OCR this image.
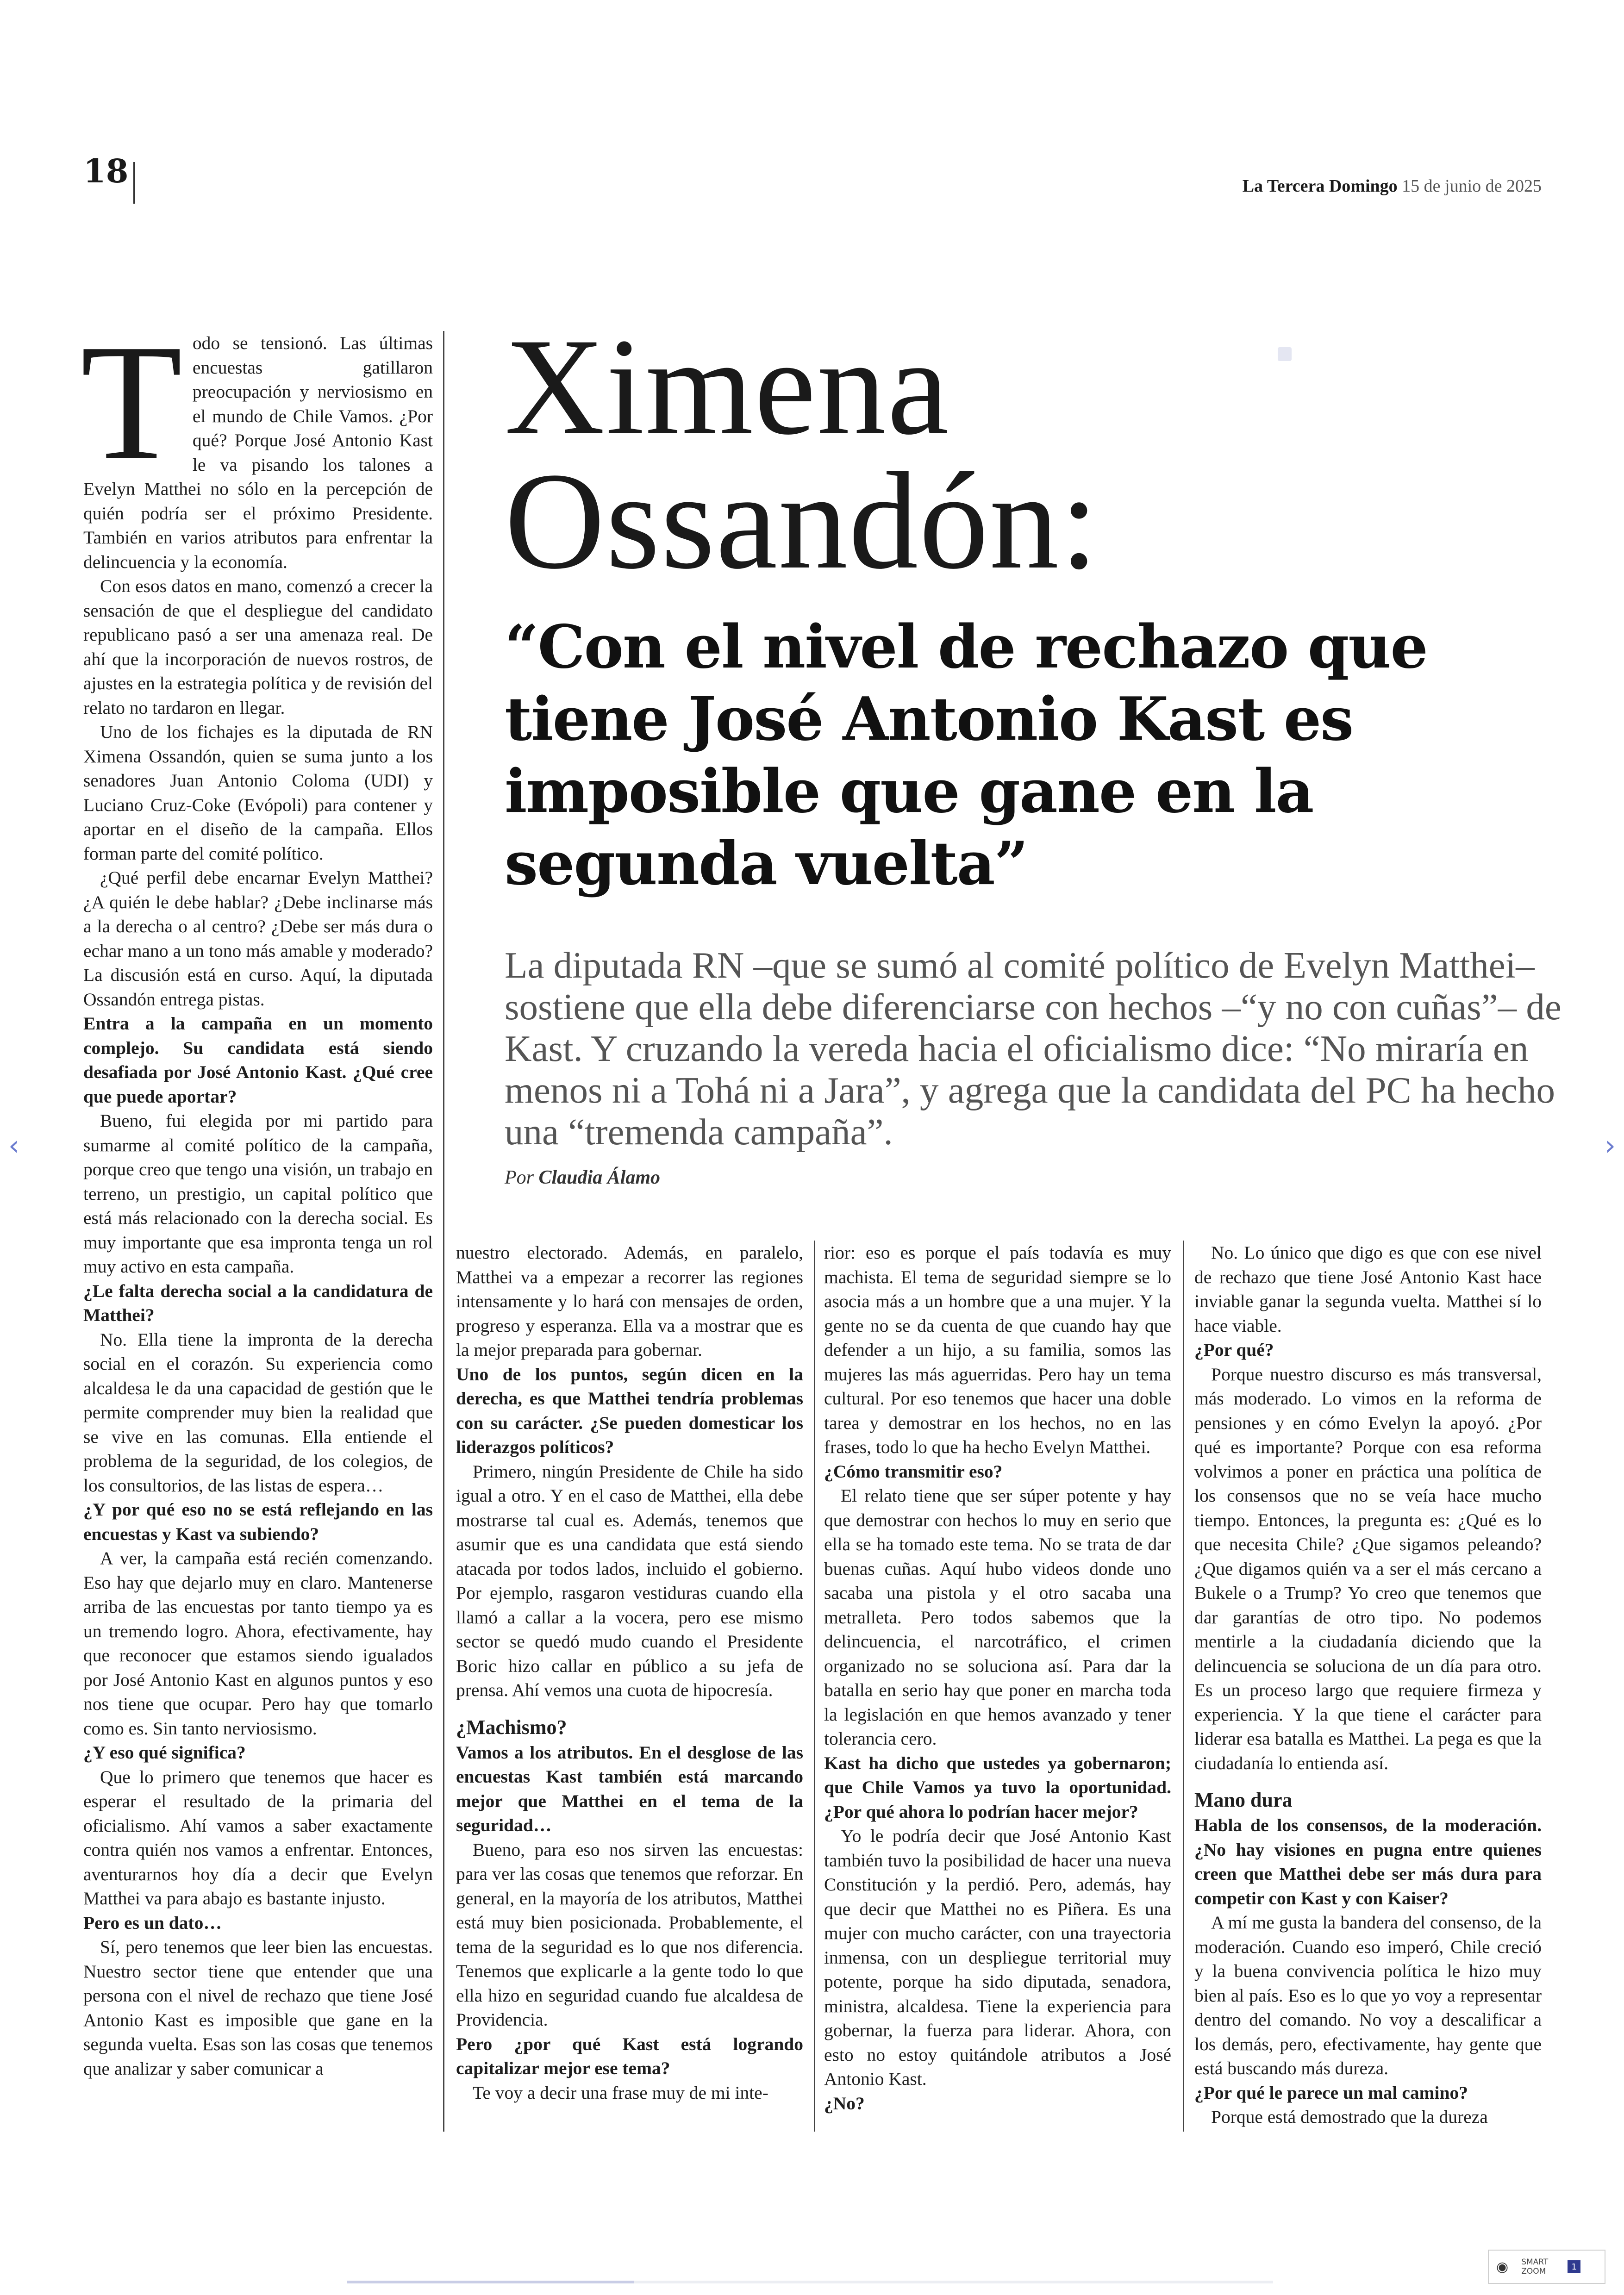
18	La Tercera Domingo 15 de junio de 2025
Ximena
Ossandón:
“Con el nivel de rechazo que tiene José Antonio Kast es imposible que gane en la segunda vuelta”

La diputada RN –que se sumó al comité político de Evelyn Matthei– sostiene que ella debe diferenciarse con hechos –“y no con cuñas”– de Kast. Y cruzando la vereda hacia el oficialismo dice: “No miraría en menos ni a Tohá ni a Jara”, y agrega que la candidata del PC ha hecho una “tremenda campaña”.

Por Claudia Álamo

Todo se tensionó. Las últimas encuestas gatillaron preocupación y nerviosismo en el mundo de Chile Vamos. ¿Por qué? Porque José Antonio Kast le va pisando los talones a Evelyn Matthei no sólo en la percepción de quién podría ser el próximo Presidente. También en varios atributos para enfrentar la delincuencia y la economía.

Con esos datos en mano, comenzó a crecer la sensación de que el despliegue del candidato republicano pasó a ser una amenaza real. De ahí que la incorporación de nuevos rostros, de ajustes en la estrategia política y de revisión del relato no tardaron en llegar.

Uno de los fichajes es la diputada de RN Ximena Ossandón, quien se suma junto a los senadores Juan Antonio Coloma (UDI) y Luciano Cruz-Coke (Evópoli) para contener y aportar en el diseño de la campaña. Ellos forman parte del comité político.

¿Qué perfil debe encarnar Evelyn Matthei? ¿A quién le debe hablar? ¿Debe inclinarse más a la derecha o al centro? ¿Debe ser más dura o echar mano a un tono más amable y moderado? La discusión está en curso. Aquí, la diputada Ossandón entrega pistas.

Entra a la campaña en un momento complejo. Su candidata está siendo desafiada por José Antonio Kast. ¿Qué cree que puede aportar?

Bueno, fui elegida por mi partido para sumarme al comité político de la campaña, porque creo que tengo una visión, un trabajo en terreno, un prestigio, un capital político que está más relacionado con la derecha social. Es muy importante que esa impronta tenga un rol muy activo en esta campaña.

¿Le falta derecha social a la candidatura de Matthei?

No. Ella tiene la impronta de la derecha social en el corazón. Su experiencia como alcaldesa le da una capacidad de gestión que le permite comprender muy bien la realidad que se vive en las comunas. Ella entiende el problema de la seguridad, de los colegios, de los consultorios, de las listas de espera…

¿Y por qué eso no se está reflejando en las encuestas y Kast va subiendo?

A ver, la campaña está recién comenzando. Eso hay que dejarlo muy en claro. Mantenerse arriba de las encuestas por tanto tiempo ya es un tremendo logro. Ahora, efectivamente, hay que reconocer que estamos siendo igualados por José Antonio Kast en algunos puntos y eso nos tiene que ocupar. Pero hay que tomarlo como es. Sin tanto nerviosismo.

¿Y eso qué significa?

Que lo primero que tenemos que hacer es esperar el resultado de la primaria del oficialismo. Ahí vamos a saber exactamente contra quién nos vamos a enfrentar. Entonces, aventurarnos hoy día a decir que Evelyn Matthei va para abajo es bastante injusto.

Pero es un dato…

Sí, pero tenemos que leer bien las encuestas. Nuestro sector tiene que entender que una persona con el nivel de rechazo que tiene José Antonio Kast es imposible que gane en la segunda vuelta. Esas son las cosas que tenemos que analizar y saber comunicar a

nuestro electorado. Además, en paralelo, Matthei va a empezar a recorrer las regiones intensamente y lo hará con mensajes de orden, progreso y esperanza. Ella va a mostrar que es la mejor preparada para gobernar.

Uno de los puntos, según dicen en la derecha, es que Matthei tendría problemas con su carácter. ¿Se pueden domesticar los liderazgos políticos?

Primero, ningún Presidente de Chile ha sido igual a otro. Y en el caso de Matthei, ella debe mostrarse tal cual es. Además, tenemos que asumir que es una candidata que está siendo atacada por todos lados, incluido el gobierno. Por ejemplo, rasgaron vestiduras cuando ella llamó a callar a la vocera, pero ese mismo sector se quedó mudo cuando el Presidente Boric hizo callar en público a su jefa de prensa. Ahí vemos una cuota de hipocresía.

¿Machismo?

Vamos a los atributos. En el desglose de las encuestas Kast también está marcando mejor que Matthei en el tema de la seguridad…

Bueno, para eso nos sirven las encuestas: para ver las cosas que tenemos que reforzar. En general, en la mayoría de los atributos, Matthei está muy bien posicionada. Probablemente, el tema de la seguridad es lo que nos diferencia. Tenemos que explicarle a la gente todo lo que ella hizo en seguridad cuando fue alcaldesa de Providencia.

Pero ¿por qué Kast está logrando capitalizar mejor ese tema?

Te voy a decir una frase muy de mi inte-

rior: eso es porque el país todavía es muy machista. El tema de seguridad siempre se lo asocia más a un hombre que a una mujer. Y la gente no se da cuenta de que cuando hay que defender a un hijo, a su familia, somos las mujeres las más aguerridas. Pero hay un tema cultural. Por eso tenemos que hacer una doble tarea y demostrar en los hechos, no en las frases, todo lo que ha hecho Evelyn Matthei.

¿Cómo transmitir eso?

El relato tiene que ser súper potente y hay que demostrar con hechos lo muy en serio que ella se ha tomado este tema. No se trata de dar buenas cuñas. Aquí hubo videos donde uno sacaba una pistola y el otro sacaba una metralleta. Pero todos sabemos que la delincuencia, el narcotráfico, el crimen organizado no se soluciona así. Para dar la batalla en serio hay que poner en marcha toda la legislación en que hemos avanzado y tener tolerancia cero.

Kast ha dicho que ustedes ya gobernaron; que Chile Vamos ya tuvo la oportunidad. ¿Por qué ahora lo podrían hacer mejor?

Yo le podría decir que José Antonio Kast también tuvo la posibilidad de hacer una nueva Constitución y la perdió. Pero, además, hay que decir que Matthei no es Piñera. Es una mujer con mucho carácter, con una trayectoria inmensa, con un despliegue territorial muy potente, porque ha sido diputada, senadora, ministra, alcaldesa. Tiene la experiencia para gobernar, la fuerza para liderar. Ahora, con esto no estoy quitándole atributos a José Antonio Kast.

¿No?

No. Lo único que digo es que con ese nivel de rechazo que tiene José Antonio Kast hace inviable ganar la segunda vuelta. Matthei sí lo hace viable.

¿Por qué?

Porque nuestro discurso es más transversal, más moderado. Lo vimos en la reforma de pensiones y en cómo Evelyn la apoyó. ¿Por qué es importante? Porque con esa reforma volvimos a poner en práctica una política de los consensos que no se veía hace mucho tiempo. Entonces, la pregunta es: ¿Qué es lo que necesita Chile? ¿Que sigamos peleando? ¿Que digamos quién va a ser el más cercano a Bukele o a Trump? Yo creo que tenemos que dar garantías de otro tipo. No podemos mentirle a la ciudadanía diciendo que la delincuencia se soluciona de un día para otro. Es un proceso largo que requiere firmeza y experiencia. Y la que tiene el carácter para liderar esa batalla es Matthei. La pega es que la ciudadanía lo entienda así.

Mano dura

Habla de los consensos, de la moderación. ¿No hay visiones en pugna entre quienes creen que Matthei debe ser más dura para competir con Kast y con Kaiser?

A mí me gusta la bandera del consenso, de la moderación. Cuando eso imperó, Chile creció y la buena convivencia política le hizo muy bien al país. Eso es lo que yo voy a representar dentro del comando. No voy a descalificar a los demás, pero, efectivamente, hay gente que está buscando más dureza.

¿Por qué le parece un mal camino?

Porque está demostrado que la dureza

‹	›
◉ SMART
ZOOM	1
